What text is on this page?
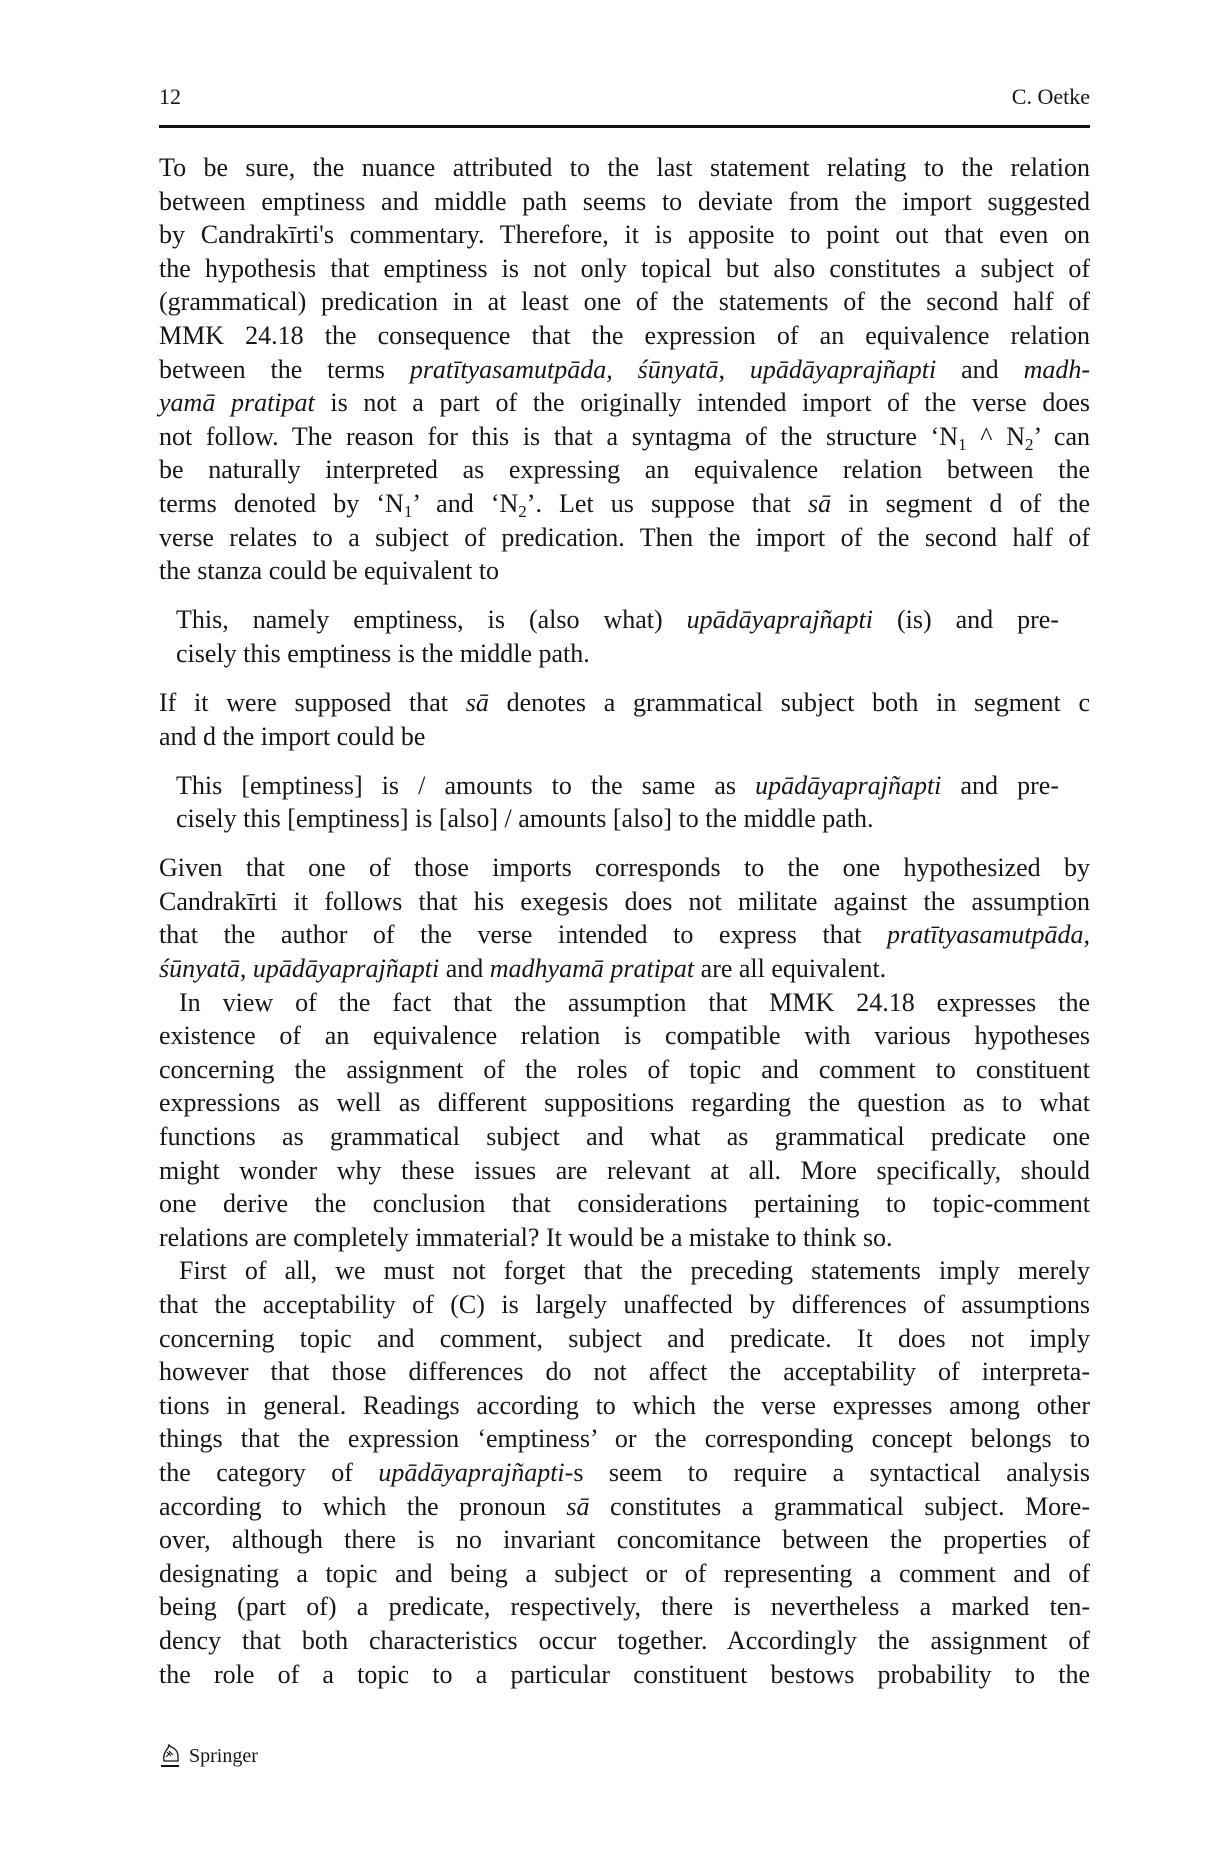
12	C. Oetke
To be sure, the nuance attributed to the last statement relating to the relation
between emptiness and middle path seems to deviate from the import suggested
by Candrakīrti's commentary. Therefore, it is apposite to point out that even on
the hypothesis that emptiness is not only topical but also constitutes a subject of
(grammatical) predication in at least one of the statements of the second half of
MMK 24.18 the consequence that the expression of an equivalence relation
between the terms pratītyasamutpāda, śūnyatā, upādāyaprajñapti and madh-
yamā pratipat is not a part of the originally intended import of the verse does
not follow. The reason for this is that a syntagma of the structure ‘$N_1$ ^ $N_2$’ can
be naturally interpreted as expressing an equivalence relation between the
terms denoted by ‘$N_1$’ and ‘$N_2$’. Let us suppose that sā in segment d of the
verse relates to a subject of predication. Then the import of the second half of
the stanza could be equivalent to
This, namely emptiness, is (also what) upādāyaprajñapti (is) and pre-
cisely this emptiness is the middle path.
If it were supposed that sā denotes a grammatical subject both in segment c
and d the import could be
This [emptiness] is / amounts to the same as upādāyaprajñapti and pre-
cisely this [emptiness] is [also] / amounts [also] to the middle path.
Given that one of those imports corresponds to the one hypothesized by
Candrakīrti it follows that his exegesis does not militate against the assumption
that the author of the verse intended to express that pratītyasamutpāda,
śūnyatā, upādāyaprajñapti and madhyamā pratipat are all equivalent.
In view of the fact that the assumption that MMK 24.18 expresses the
existence of an equivalence relation is compatible with various hypotheses
concerning the assignment of the roles of topic and comment to constituent
expressions as well as different suppositions regarding the question as to what
functions as grammatical subject and what as grammatical predicate one
might wonder why these issues are relevant at all. More specifically, should
one derive the conclusion that considerations pertaining to topic-comment
relations are completely immaterial? It would be a mistake to think so.
First of all, we must not forget that the preceding statements imply merely
that the acceptability of (C) is largely unaffected by differences of assumptions
concerning topic and comment, subject and predicate. It does not imply
however that those differences do not affect the acceptability of interpreta-
tions in general. Readings according to which the verse expresses among other
things that the expression ‘emptiness’ or the corresponding concept belongs to
the category of upādāyaprajñapti-s seem to require a syntactical analysis
according to which the pronoun sā constitutes a grammatical subject. More-
over, although there is no invariant concomitance between the properties of
designating a topic and being a subject or of representing a comment and of
being (part of) a predicate, respectively, there is nevertheless a marked ten-
dency that both characteristics occur together. Accordingly the assignment of
the role of a topic to a particular constituent bestows probability to the
Springer
